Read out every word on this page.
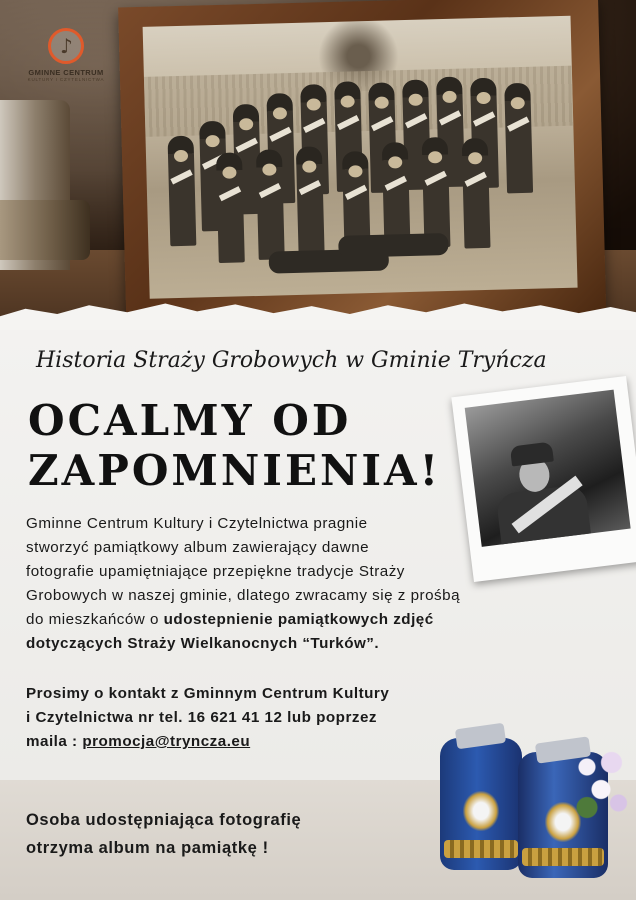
♪
GMINNE CENTRUM
KULTURY I CZYTELNICTWA
Historia Straży Grobowych w Gminie Tryńcza
OCALMY OD
ZAPOMNIENIA!
Gminne Centrum Kultury i Czytelnictwa pragnie
stworzyć pamiątkowy album zawierający dawne
fotografie upamiętniające przepiękne tradycje Straży
Grobowych w naszej gminie, dlatego zwracamy się z prośbą
do mieszkańców o udostepnienie pamiątkowych zdjęć
dotyczących Straży Wielkanocnych “Turków”.
Prosimy o kontakt z Gminnym Centrum Kultury
i Czytelnictwa nr tel. 16 621 41 12 lub poprzez
maila : promocja@tryncza.eu
Osoba udostępniająca fotografię
otrzyma album na pamiątkę !
